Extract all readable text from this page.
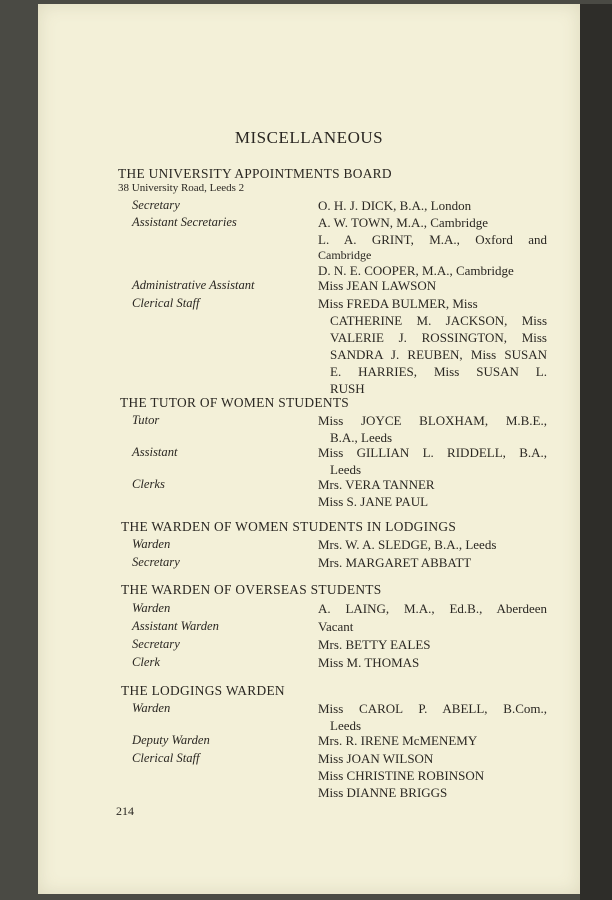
MISCELLANEOUS
THE UNIVERSITY APPOINTMENTS BOARD
38 University Road, Leeds 2
Secretary	O. H. J. DICK, B.A., London
Assistant Secretaries	A. W. TOWN, M.A., Cambridge
L. A. GRINT, M.A., Oxford and
Cambridge
D. N. E. COOPER, M.A., Cambridge
Administrative Assistant	Miss JEAN LAWSON
Clerical Staff	Miss FREDA BULMER, Miss
CATHERINE M. JACKSON, Miss
VALERIE J. ROSSINGTON, Miss
SANDRA J. REUBEN, Miss SUSAN
E. HARRIES, Miss SUSAN L.
RUSH
THE TUTOR OF WOMEN STUDENTS
Tutor	Miss JOYCE BLOXHAM, M.B.E.,
B.A., Leeds
Assistant	Miss GILLIAN L. RIDDELL, B.A.,
Leeds
Clerks	Mrs. VERA TANNER
Miss S. JANE PAUL
THE WARDEN OF WOMEN STUDENTS IN LODGINGS
Warden	Mrs. W. A. SLEDGE, B.A., Leeds
Secretary	Mrs. MARGARET ABBATT
THE WARDEN OF OVERSEAS STUDENTS
Warden	A. LAING, M.A., Ed.B., Aberdeen
Assistant Warden	Vacant
Secretary	Mrs. BETTY EALES
Clerk	Miss M. THOMAS
THE LODGINGS WARDEN
Warden	Miss CAROL P. ABELL, B.Com.,
Leeds
Deputy Warden	Mrs. R. IRENE McMENEMY
Clerical Staff	Miss JOAN WILSON
Miss CHRISTINE ROBINSON
Miss DIANNE BRIGGS
214
